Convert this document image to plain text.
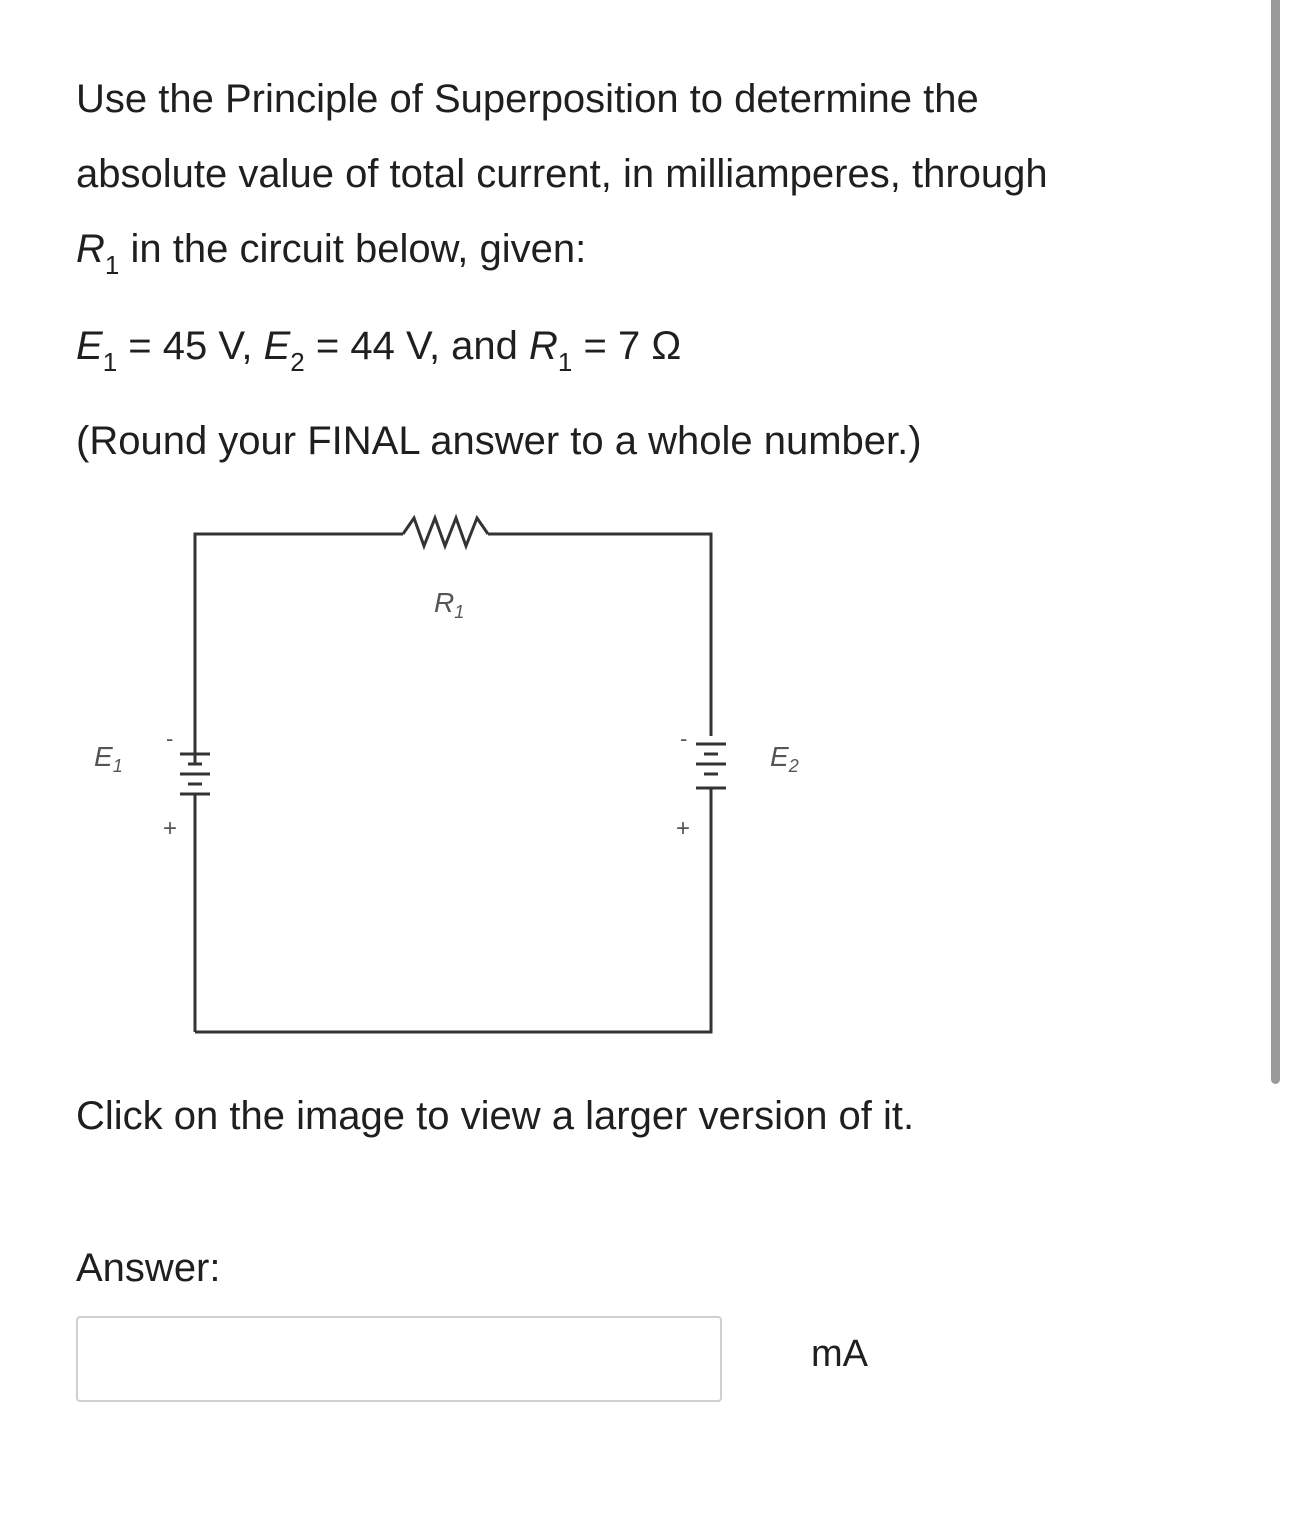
Use the Principle of Superposition to determine the
absolute value of total current, in milliamperes, through
$R_1$ in the circuit below, given:
$E_1 = 45$ V, $E_2 = 44$ V, and $R_1 = 7$ Ω
(Round your FINAL answer to a whole number.)
$R_1$
$E_1$	$E_2$
-
+
-
+
Click on the image to view a larger version of it.
Answer:
mA
